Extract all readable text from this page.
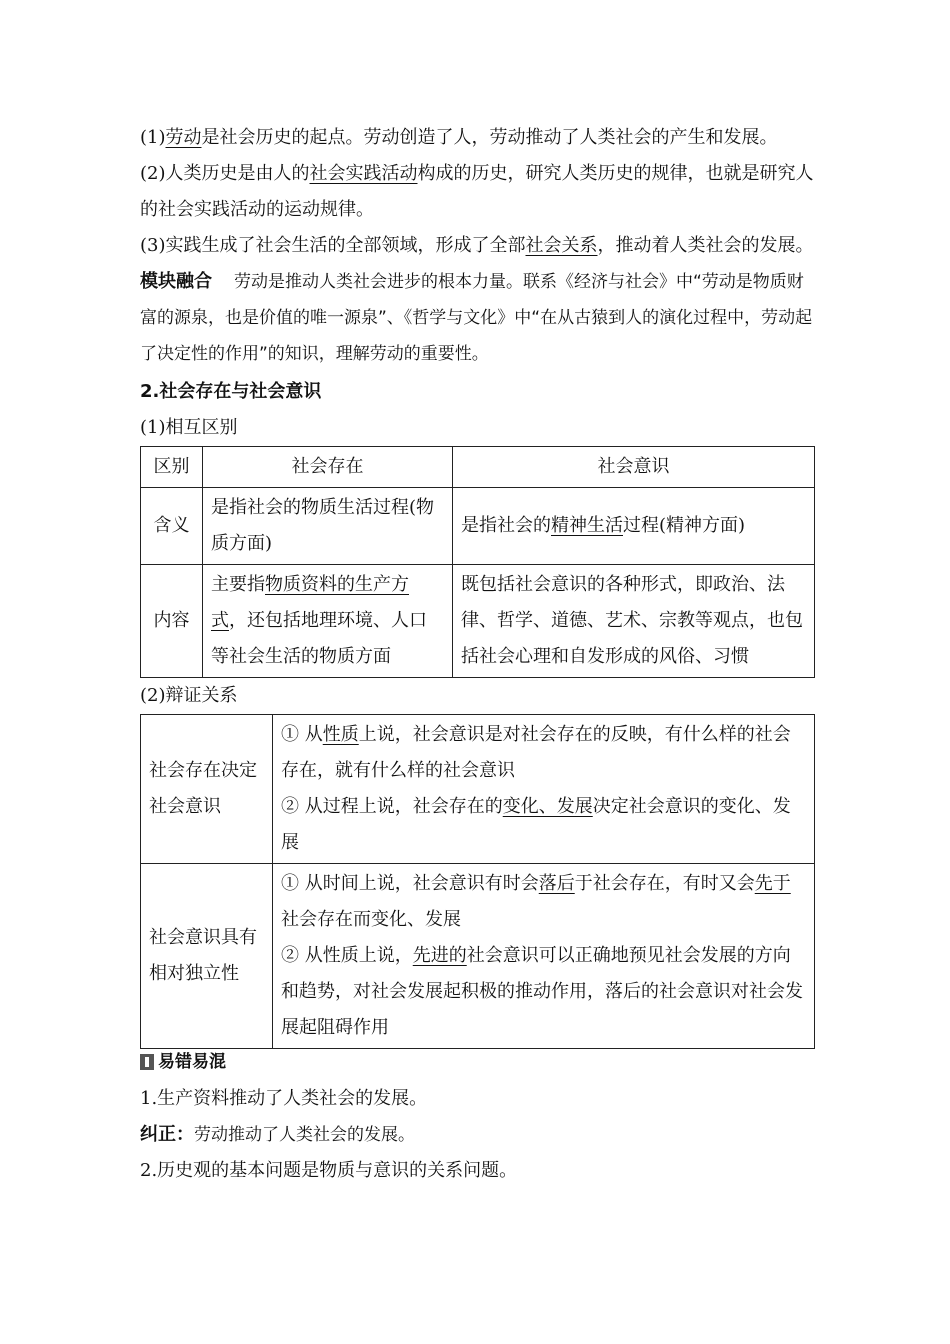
(1)劳动是社会历史的起点。劳动创造了人，劳动推动了人类社会的产生和发展。

(2)人类历史是由人的社会实践活动构成的历史，研究人类历史的规律，也就是研究人的社会实践活动的运动规律。

(3)实践生成了社会生活的全部领域，形成了全部社会关系，推动着人类社会的发展。

模块融合 劳动是推动人类社会进步的根本力量。联系《经济与社会》中“劳动是物质财富的源泉，也是价值的唯一源泉”、《哲学与文化》中“在从古猿到人的演化过程中，劳动起了决定性的作用”的知识，理解劳动的重要性。

2.社会存在与社会意识

(1)相互区别

区别	社会存在	社会意识
含义	是指社会的物质生活过程(物质方面)	是指社会的精神生活过程(精神方面)
内容	主要指物质资料的生产方式，还包括地理环境、人口等社会生活的物质方面	既包括社会意识的各种形式，即政治、法律、哲学、道德、艺术、宗教等观点，也包括社会心理和自发形成的风俗、习惯

(2)辩证关系

社会存在决定社会意识	① 从性质上说，社会意识是对社会存在的反映，有什么样的社会存在，就有什么样的社会意识
② 从过程上说，社会存在的变化、发展决定社会意识的变化、发展

社会意识具有相对独立性	① 从时间上说，社会意识有时会落后于社会存在，有时又会先于社会存在而变化、发展
② 从性质上说，先进的社会意识可以正确地预见社会发展的方向和趋势，对社会发展起积极的推动作用，落后的社会意识对社会发展起阻碍作用
易错易混

1.生产资料推动了人类社会的发展。

纠正：劳动推动了人类社会的发展。

2.历史观的基本问题是物质与意识的关系问题。
